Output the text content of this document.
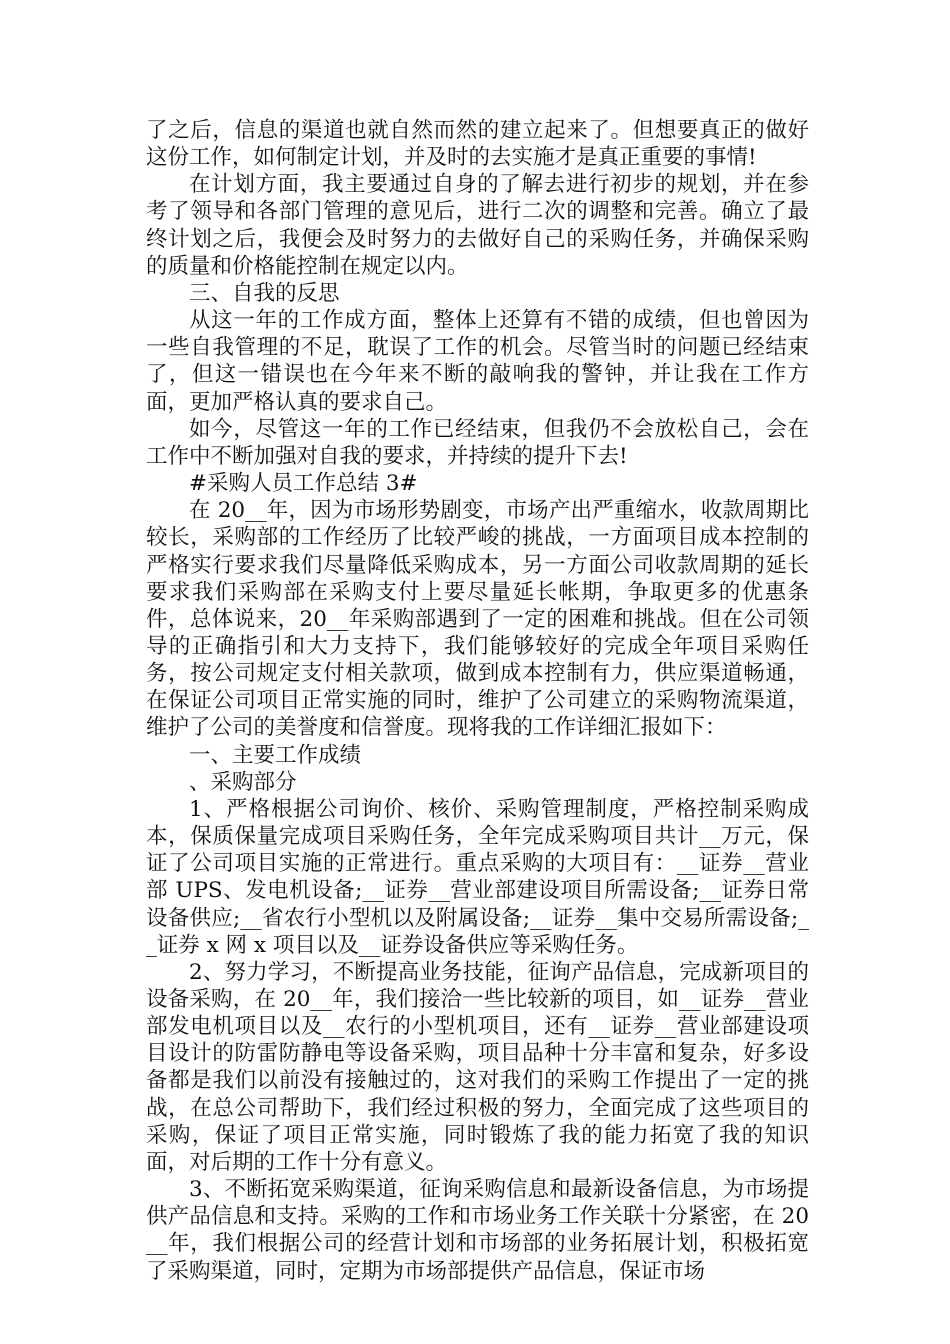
了之后，信息的渠道也就自然而然的建立起来了。但想要真正的做好这份工作，如何制定计划，并及时的去实施才是真正重要的事情!

在计划方面，我主要通过自身的了解去进行初步的规划，并在参考了领导和各部门管理的意见后，进行二次的调整和完善。确立了最终计划之后，我便会及时努力的去做好自己的采购任务，并确保采购的质量和价格能控制在规定以内。

三、自我的反思

从这一年的工作成方面，整体上还算有不错的成绩，但也曾因为一些自我管理的不足，耽误了工作的机会。尽管当时的问题已经结束了，但这一错误也在今年来不断的敲响我的警钟，并让我在工作方面，更加严格认真的要求自己。

如今，尽管这一年的工作已经结束，但我仍不会放松自己，会在工作中不断加强对自我的要求，并持续的提升下去!

#采购人员工作总结 3#

在 20__年，因为市场形势剧变，市场产出严重缩水，收款周期比较长，采购部的工作经历了比较严峻的挑战，一方面项目成本控制的严格实行要求我们尽量降低采购成本，另一方面公司收款周期的延长要求我们采购部在采购支付上要尽量延长帐期，争取更多的优惠条件，总体说来，20__年采购部遇到了一定的困难和挑战。但在公司领导的正确指引和大力支持下，我们能够较好的完成全年项目采购任务，按公司规定支付相关款项，做到成本控制有力，供应渠道畅通，在保证公司项目正常实施的同时，维护了公司建立的采购物流渠道，维护了公司的美誉度和信誉度。现将我的工作详细汇报如下：

一、主要工作成绩

、采购部分

1、严格根据公司询价、核价、采购管理制度，严格控制采购成本，保质保量完成项目采购任务，全年完成采购项目共计__万元，保证了公司项目实施的正常进行。重点采购的大项目有：__证券__营业部 UPS、发电机设备;__证券__营业部建设项目所需设备;__证券日常设备供应;__省农行小型机以及附属设备;__证券__集中交易所需设备;__证券 x 网 x 项目以及__证券设备供应等采购任务。

2、努力学习，不断提高业务技能，征询产品信息，完成新项目的设备采购，在 20__年，我们接洽一些比较新的项目，如__证券__营业部发电机项目以及__农行的小型机项目，还有__证券__营业部建设项目设计的防雷防静电等设备采购，项目品种十分丰富和复杂，好多设备都是我们以前没有接触过的，这对我们的采购工作提出了一定的挑战，在总公司帮助下，我们经过积极的努力，全面完成了这些项目的采购，保证了项目正常实施，同时锻炼了我的能力拓宽了我的知识面，对后期的工作十分有意义。

3、不断拓宽采购渠道，征询采购信息和最新设备信息，为市场提供产品信息和支持。采购的工作和市场业务工作关联十分紧密，在 20__年，我们根据公司的经营计划和市场部的业务拓展计划，积极拓宽了采购渠道，同时，定期为市场部提供产品信息，保证市场
